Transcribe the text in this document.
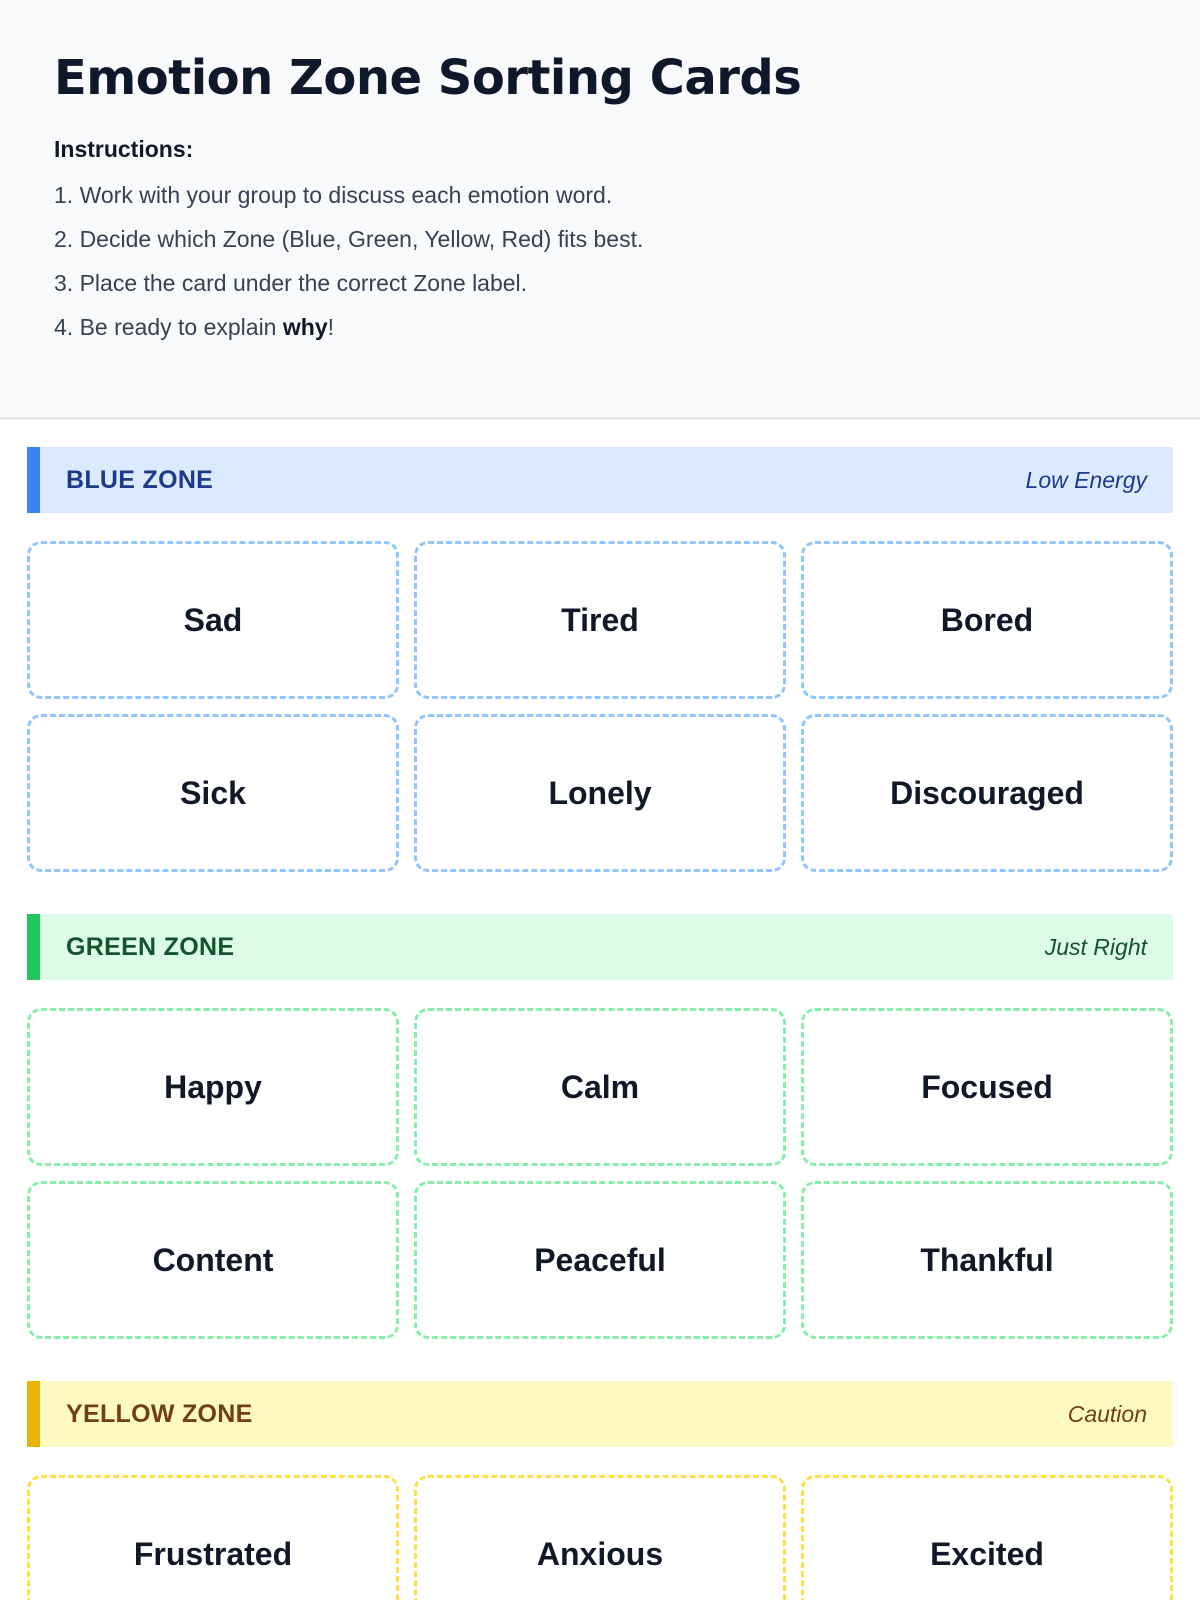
Emotion Zone Sorting Cards
Instructions:
1. Work with your group to discuss each emotion word.
2. Decide which Zone (Blue, Green, Yellow, Red) fits best.
3. Place the card under the correct Zone label.
4. Be ready to explain why!
BLUE ZONE	Low Energy
Sad	Tired	Bored
Sick	Lonely	Discouraged
GREEN ZONE	Just Right
Happy	Calm	Focused
Content	Peaceful	Thankful
YELLOW ZONE	Caution
Frustrated	Anxious	Excited
